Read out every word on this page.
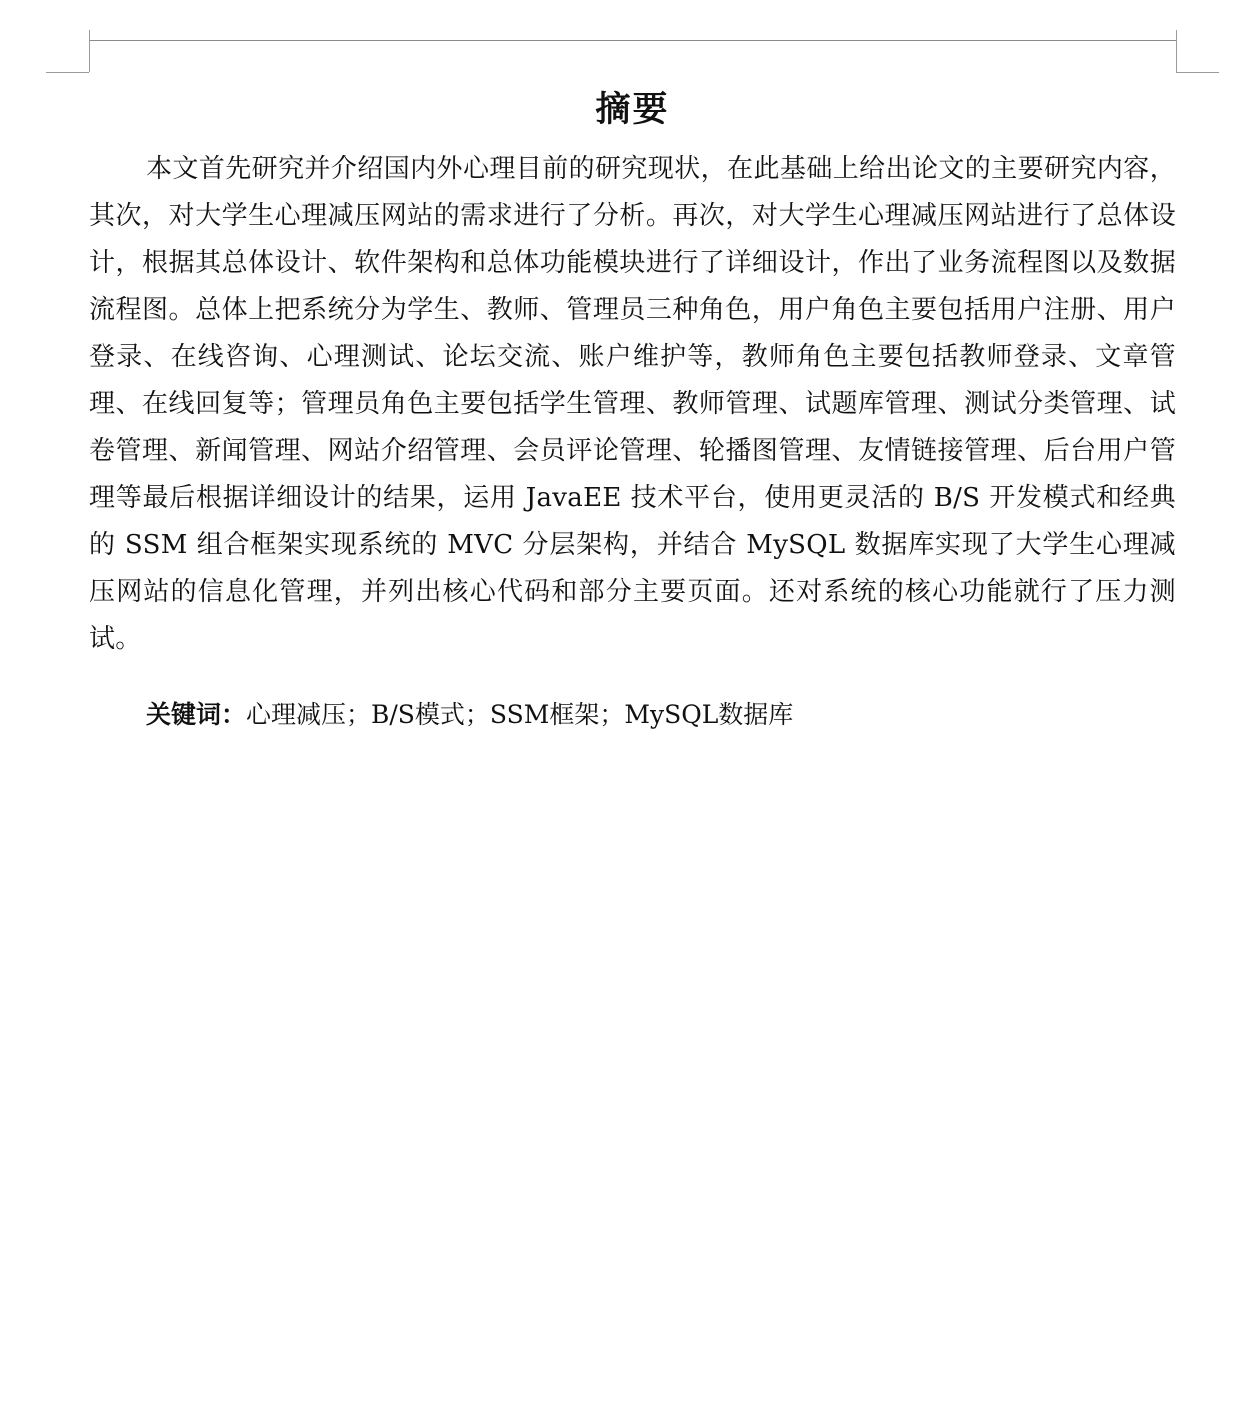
摘要

本文首先研究并介绍国内外心理目前的研究现状，在此基础上给出论文的主要研究内容，其次，对大学生心理减压网站的需求进行了分析。再次，对大学生心理减压网站进行了总体设计，根据其总体设计、软件架构和总体功能模块进行了详细设计，作出了业务流程图以及数据流程图。总体上把系统分为学生、教师、管理员三种角色，用户角色主要包括用户注册、用户登录、在线咨询、心理测试、论坛交流、账户维护等，教师角色主要包括教师登录、文章管理、在线回复等；管理员角色主要包括学生管理、教师管理、试题库管理、测试分类管理、试卷管理、新闻管理、网站介绍管理、会员评论管理、轮播图管理、友情链接管理、后台用户管理等最后根据详细设计的结果，运用 JavaEE 技术平台，使用更灵活的 B/S 开发模式和经典的 SSM 组合框架实现系统的 MVC 分层架构，并结合 MySQL 数据库实现了大学生心理减压网站的信息化管理，并列出核心代码和部分主要页面。还对系统的核心功能就行了压力测试。

关键词：心理减压；B/S模式；SSM框架；MySQL数据库
